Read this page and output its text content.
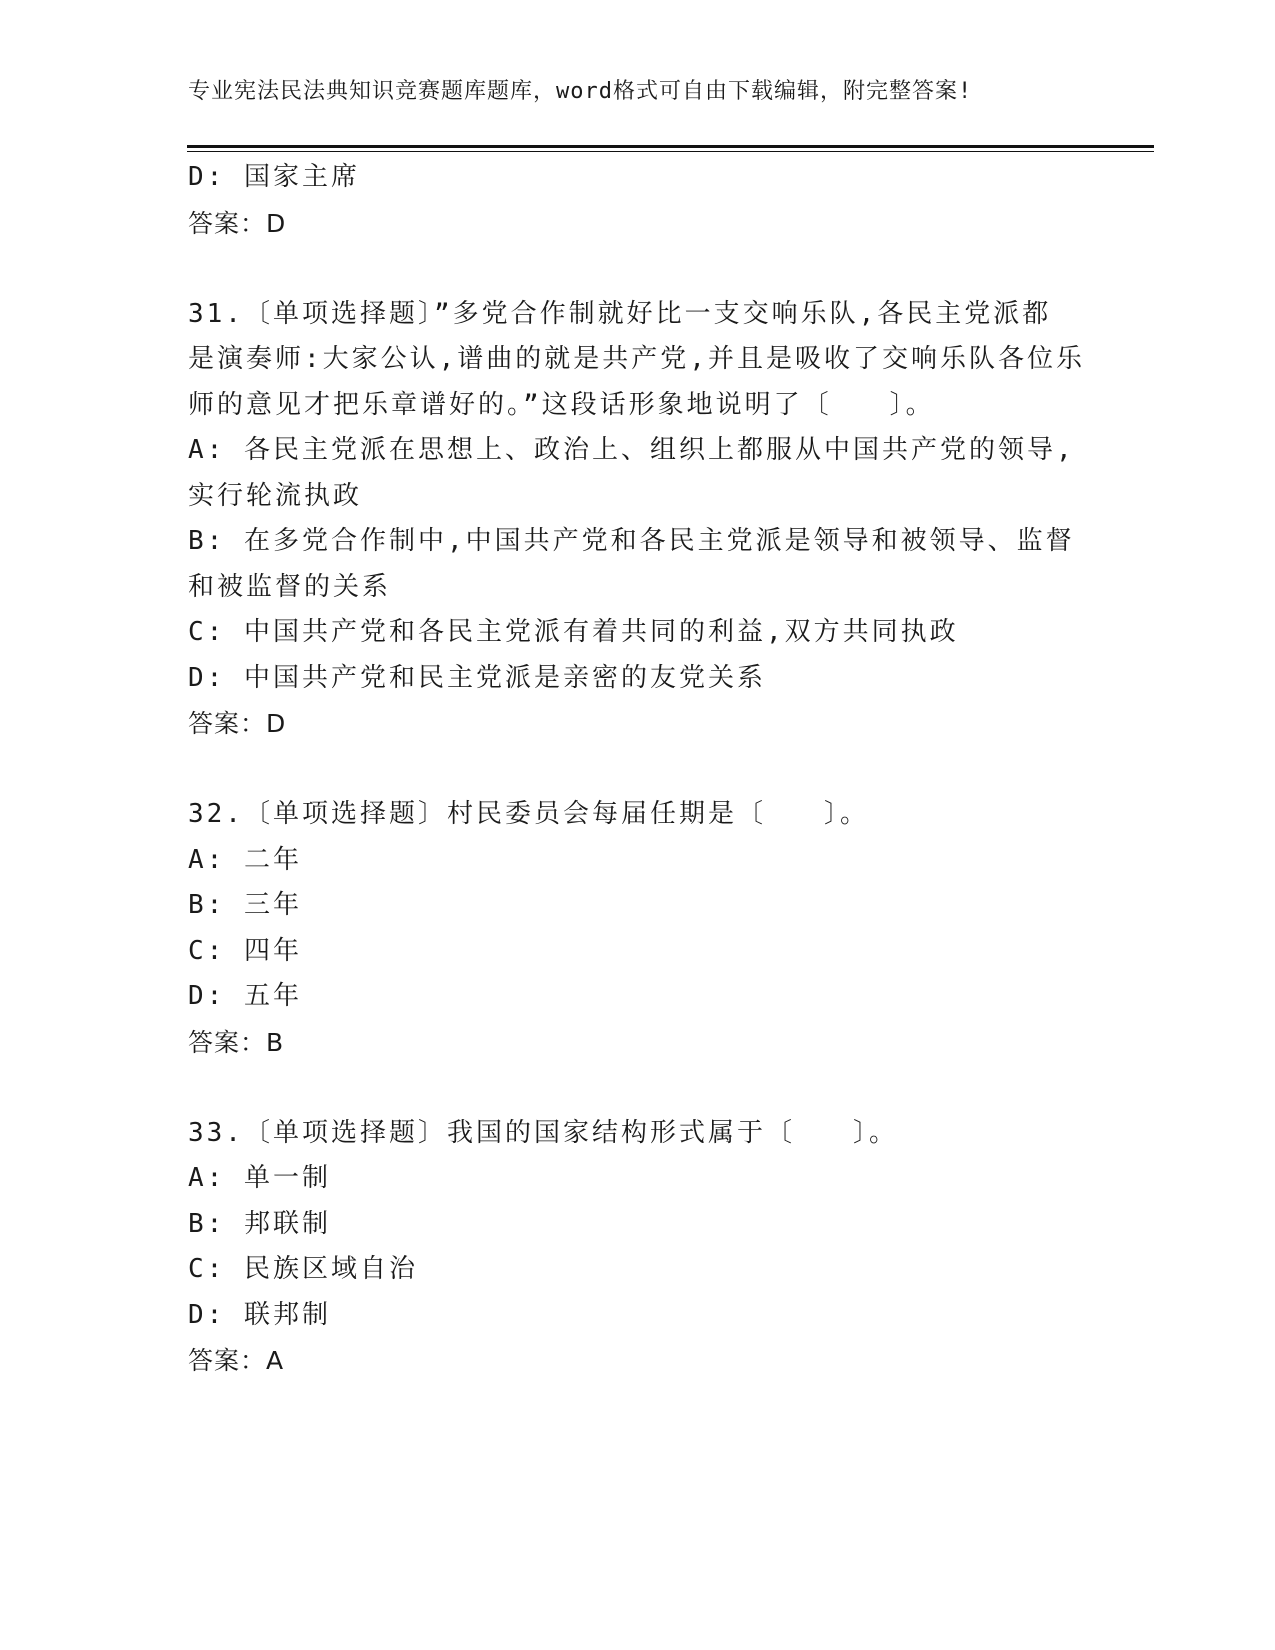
专业宪法民法典知识竞赛题库题库，word格式可自由下载编辑，附完整答案!
D: 国家主席
答案：D
31.〔单项选择题〕”多党合作制就好比一支交响乐队,各民主党派都
是演奏师:大家公认,谱曲的就是共产党,并且是吸收了交响乐队各位乐
师的意见才把乐章谱好的。”这段话形象地说明了〔　　〕。
A: 各民主党派在思想上、政治上、组织上都服从中国共产党的领导,
实行轮流执政
B: 在多党合作制中,中国共产党和各民主党派是领导和被领导、监督
和被监督的关系
C: 中国共产党和各民主党派有着共同的利益,双方共同执政
D: 中国共产党和民主党派是亲密的友党关系
答案：D
32.〔单项选择题〕村民委员会每届任期是〔　　〕。
A: 二年
B: 三年
C: 四年
D: 五年
答案：B
33.〔单项选择题〕我国的国家结构形式属于〔　　〕。
A: 单一制
B: 邦联制
C: 民族区域自治
D: 联邦制
答案：A
